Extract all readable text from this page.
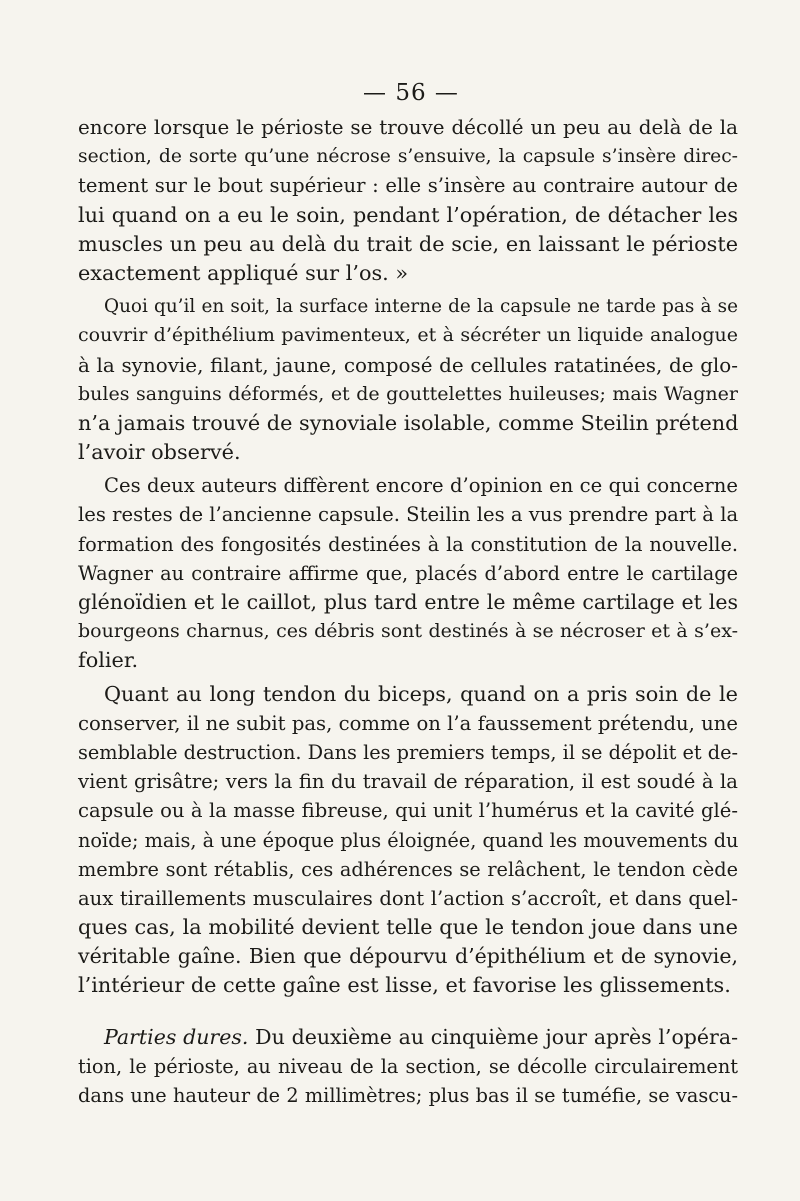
— 56 —
encore lorsque le périoste se trouve décollé un peu au delà de la
section, de sorte qu’une nécrose s’ensuive, la capsule s’insère direc-
tement sur le bout supérieur : elle s’insère au contraire autour de
lui quand on a eu le soin, pendant l’opération, de détacher les
muscles un peu au delà du trait de scie, en laissant le périoste
exactement appliqué sur l’os. »
Quoi qu’il en soit, la surface interne de la capsule ne tarde pas à se
couvrir d’épithélium pavimenteux, et à sécréter un liquide analogue
à la synovie, filant, jaune, composé de cellules ratatinées, de glo-
bules sanguins déformés, et de gouttelettes huileuses; mais Wagner
n’a jamais trouvé de synoviale isolable, comme Steilin prétend
l’avoir observé.
Ces deux auteurs diffèrent encore d’opinion en ce qui concerne
les restes de l’ancienne capsule. Steilin les a vus prendre part à la
formation des fongosités destinées à la constitution de la nouvelle.
Wagner au contraire affirme que, placés d’abord entre le cartilage
glénoïdien et le caillot, plus tard entre le même cartilage et les
bourgeons charnus, ces débris sont destinés à se nécroser et à s’ex-
folier.
Quant au long tendon du biceps, quand on a pris soin de le
conserver, il ne subit pas, comme on l’a faussement prétendu, une
semblable destruction. Dans les premiers temps, il se dépolit et de-
vient grisâtre; vers la fin du travail de réparation, il est soudé à la
capsule ou à la masse fibreuse, qui unit l’humérus et la cavité glé-
noïde; mais, à une époque plus éloignée, quand les mouvements du
membre sont rétablis, ces adhérences se relâchent, le tendon cède
aux tiraillements musculaires dont l’action s’accroît, et dans quel-
ques cas, la mobilité devient telle que le tendon joue dans une
véritable gaîne. Bien que dépourvu d’épithélium et de synovie,
l’intérieur de cette gaîne est lisse, et favorise les glissements.
Parties dures. Du deuxième au cinquième jour après l’opéra-
tion, le périoste, au niveau de la section, se décolle circulairement
dans une hauteur de 2 millimètres; plus bas il se tuméfie, se vascu-
